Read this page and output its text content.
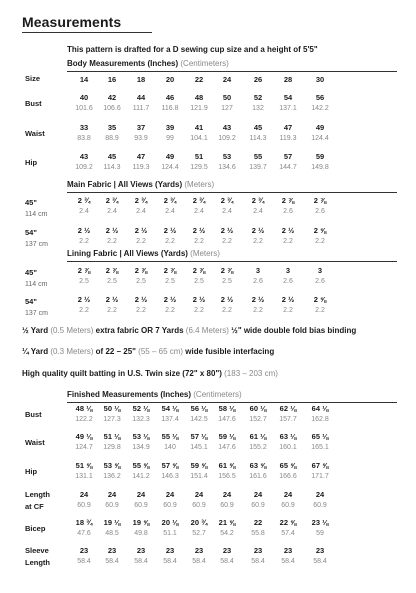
Measurements
This pattern is drafted for a D sewing cup size and a height of 5'5"
Body Measurements (Inches) (Centimeters)
Size	14	16	18	20	22	24	26	28	30
Bust
40	42	44	46	48	50	52	54	56
101.6	106.6	111.7	116.8	121.9	127	132	137.1	142.2
Waist
33	35	37	39	41	43	45	47	49
83.8	88.9	93.9	99	104.1	109.2	114.3	119.3	124.4
Hip
43	45	47	49	51	53	55	57	59
109.2	114.3	119.3	124.4	129.5	134.6	139.7	144.7	149.8
Main Fabric | All Views (Yards) (Meters)
45"
114 cm
2 ¾	2 ¾	2 ¾	2 ¾	2 ¾	2 ¾	2 ¾	2 ⅞	2 ⅞
2.4	2.4	2.4	2.4	2.4	2.4	2.4	2.6	2.6
54"
137 cm
2 ½	2 ½	2 ½	2 ½	2 ½	2 ½	2 ½	2 ½	2 ⅝
2.2	2.2	2.2	2.2	2.2	2.2	2.2	2.2	2.2
Lining Fabric | All Views (Yards) (Meters)
45"
114 cm
2 ⅞	2 ⅞	2 ⅞	2 ⅞	2 ⅞	2 ⅞	3	3	3
2.5	2.5	2.5	2.5	2.5	2.5	2.6	2.6	2.6
54"
137 cm
2 ½	2 ½	2 ½	2 ½	2 ½	2 ½	2 ½	2 ½	2 ⅝
2.2	2.2	2.2	2.2	2.2	2.2	2.2	2.2	2.2
½ Yard (0.5 Meters) extra fabric OR 7 Yards (6.4 Meters) ½" wide double fold bias binding
¼ Yard (0.3 Meters) of 22 – 25" (55 – 65 cm) wide fusible interfacing
High quality quilt batting in U.S. Twin size (72" x 80") (183 – 203 cm)
Finished Measurements (Inches) (Centimeters)
Bust
48 ⅛	50 ⅛	52 ⅛	54 ⅛	56 ⅛	58 ⅛	60 ⅛	62 ⅛	64 ⅛
122.2	127.3	132.3	137.4	142.5	147.6	152.7	157.7	162.8
Waist
49 ⅛	51 ⅛	53 ⅛	55 ⅛	57 ⅛	59 ⅛	61 ⅛	63 ⅛	65 ⅛
124.7	129.8	134.9	140	145.1	147.6	155.2	160.1	165.1
Hip
51 ⅝	53 ⅝	55 ⅝	57 ⅝	59 ⅝	61 ⅝	63 ⅝	65 ⅝	67 ⅝
131.1	136.2	141.2	146.3	151.4	156.5	161.6	166.6	171.7
Length
at CF
24	24	24	24	24	24	24	24	24
60.9	60.9	60.9	60.9	60.9	60.9	60.9	60.9	60.9
Bicep
18 ¾	19 ⅛	19 ⅝	20 ⅛	20 ¾	21 ⅝	22	22 ⅝	23 ⅛
47.6	48.5	49.8	51.1	52.7	54.2	55.8	57.4	59
Sleeve
Length
23	23	23	23	23	23	23	23	23
58.4	58.4	58.4	58.4	58.4	58.4	58.4	58.4	58.4
